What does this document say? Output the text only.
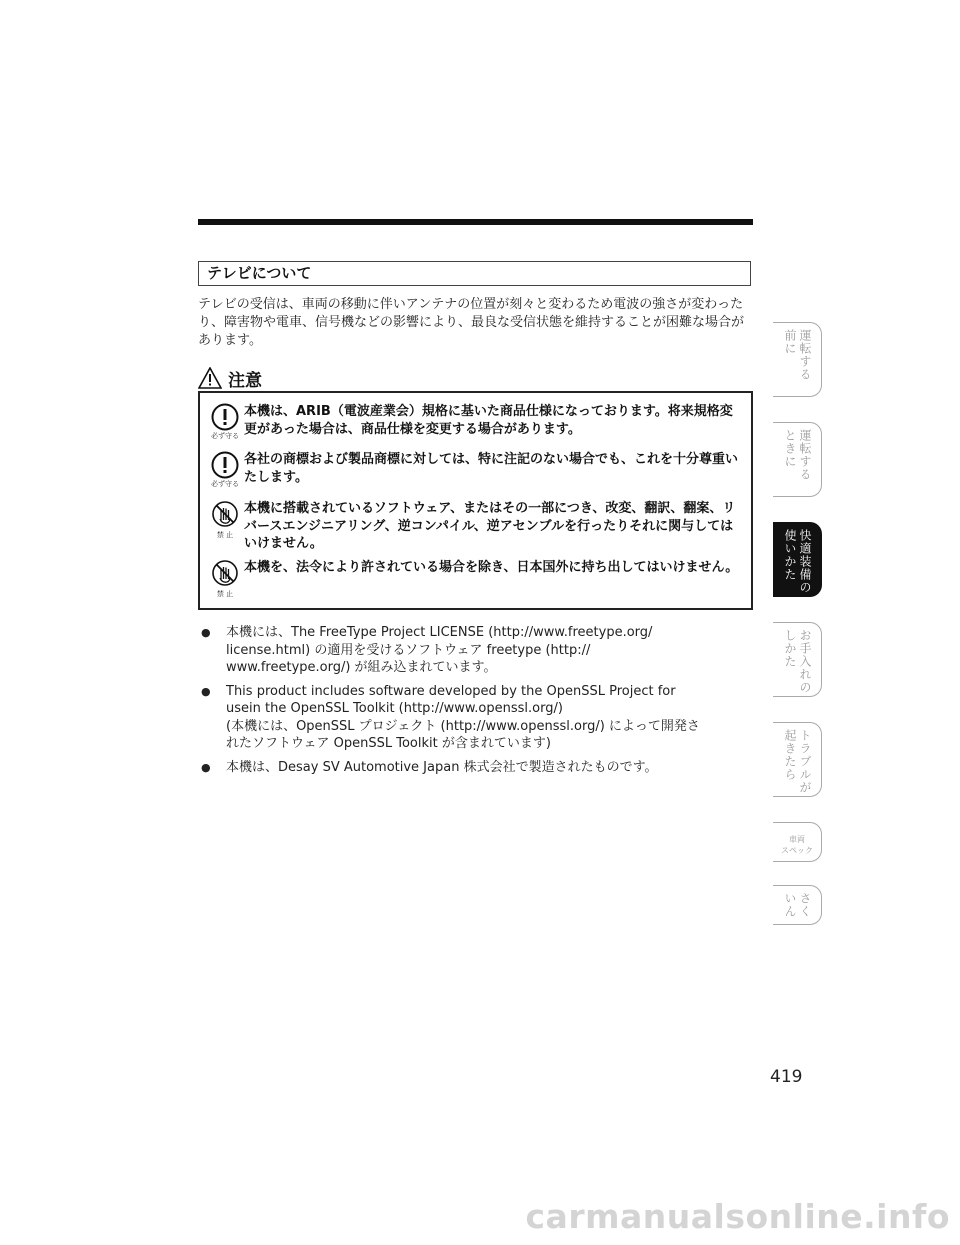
テレビについて
テレビの受信は、車両の移動に伴いアンテナの位置が刻々と変わるため電波の強さが変わったり、障害物や電車、信号機などの影響により、最良な受信状態を維持することが困難な場合があります。
注意
必ず守る
本機は、ARIB（電波産業会）規格に基いた商品仕様になっております。将来規格変更があった場合は、商品仕様を変更する場合があります。
必ず守る
各社の商標および製品商標に対しては、特に注記のない場合でも、これを十分尊重いたします。
禁 止
本機に搭載されているソフトウェア、またはその一部につき、改変、翻訳、翻案、リバースエンジニアリング、逆コンパイル、逆アセンブルを行ったりそれに関与してはいけません。
禁 止
本機を、法令により許されている場合を除き、日本国外に持ち出してはいけません。
● 本機には、The FreeType Project LICENSE (http://www.freetype.org/
license.html) の適用を受けるソフトウェア freetype (http://
www.freetype.org/) が組み込まれています。
● This product includes software developed by the OpenSSL Project for
usein the OpenSSL Toolkit (http://www.openssl.org/)
(本機には、OpenSSL プロジェクト (http://www.openssl.org/) によって開発さ
れたソフトウェア OpenSSL Toolkit が含まれています)
● 本機は、Desay SV Automotive Japan 株式会社で製造されたものです。
運転する
前に
運転する
ときに
快適装備の
使いかた
お手入れの
しかた
トラブルが
起きたら
車両
スペック
さく
いん
419
carmanualsonline.info
